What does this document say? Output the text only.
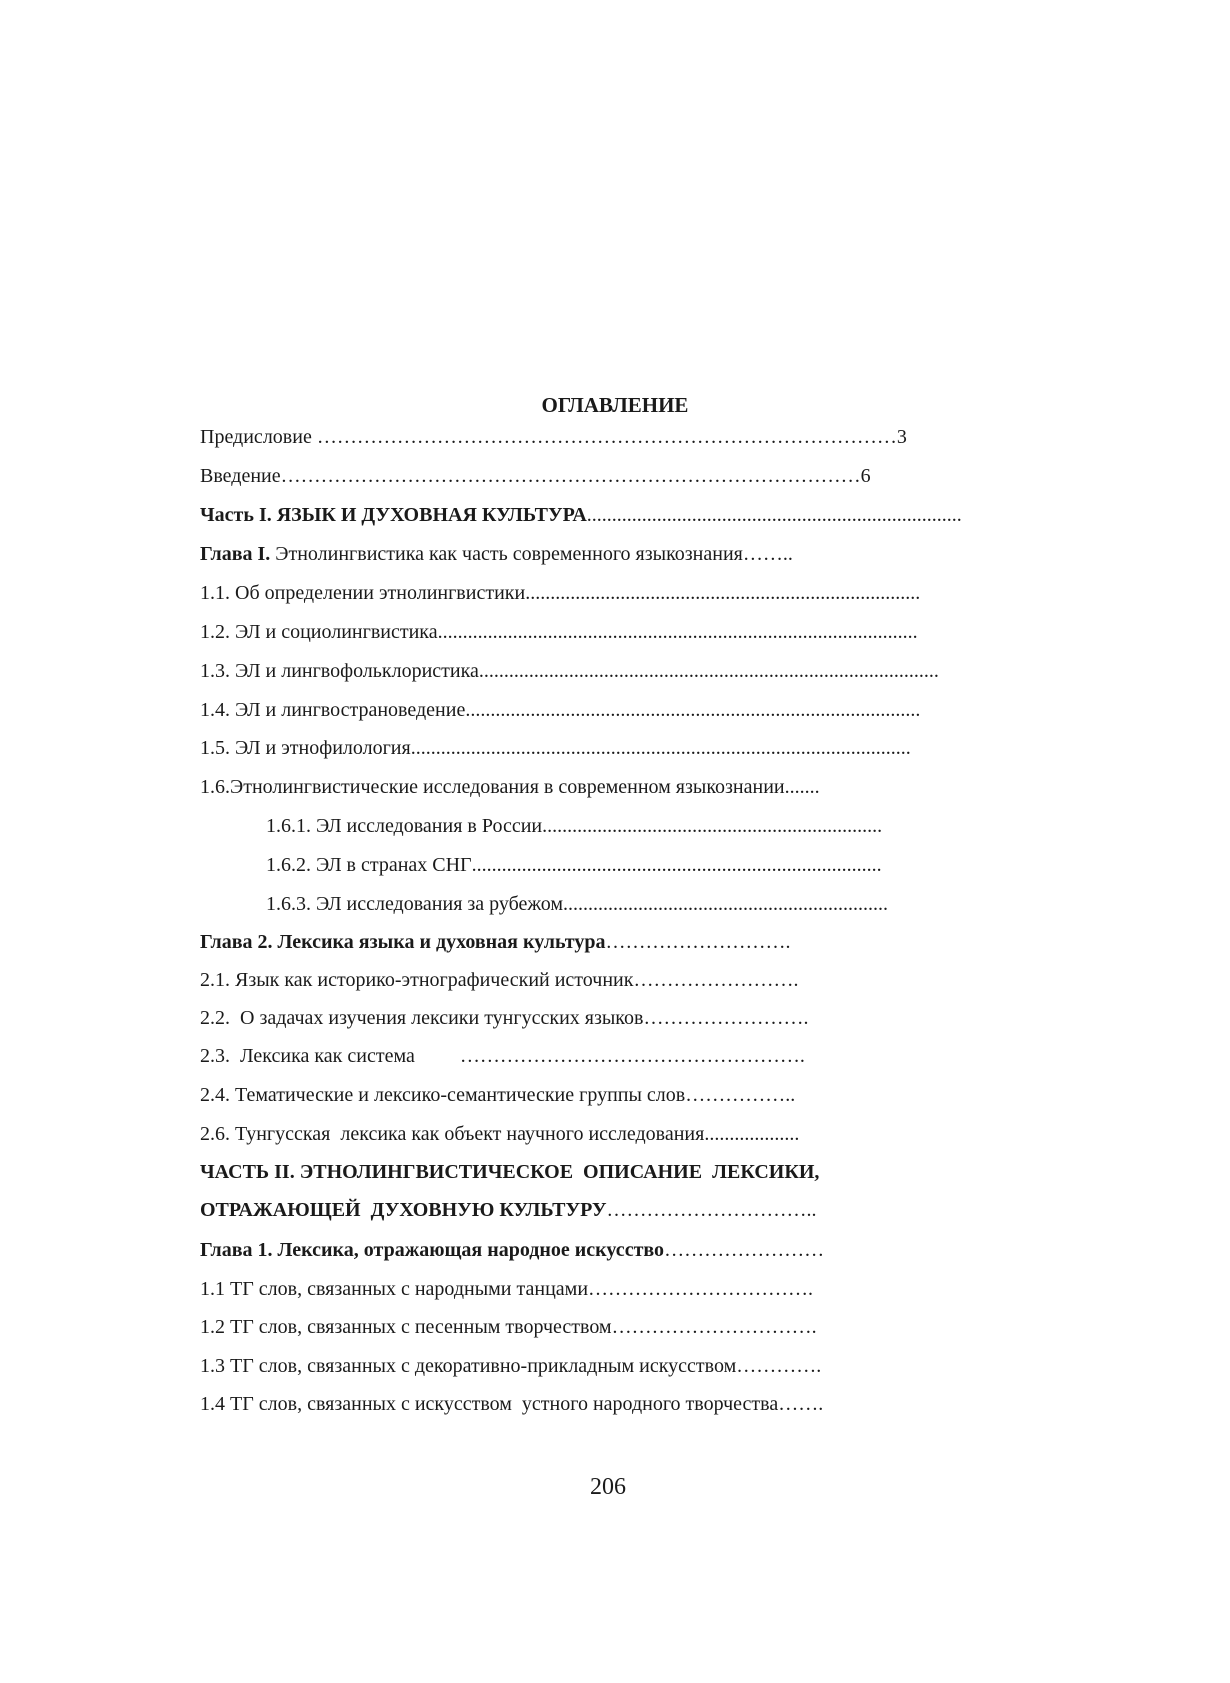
ОГЛАВЛЕНИЕ
Предисловие …………………………………………………………………………… 3
Введение …………………………………………………………………………… 6
Часть I. ЯЗЫК И ДУХОВНАЯ КУЛЬТУРА ...........................................................................
Глава I. Этнолингвистика как часть современного языкознания ……..
1.1. Об определении этнолингвистики ...............................................................................
1.2. ЭЛ и социолингвистика ................................................................................................
1.3. ЭЛ и лингвофольклористика ............................................................................................
1.4. ЭЛ и лингвострановедение ...........................................................................................
1.5. ЭЛ и этнофилология ....................................................................................................
1.6.Этнолингвистические исследования в современном языкознании .......
1.6.1. ЭЛ исследования в России ....................................................................
1.6.2. ЭЛ в странах СНГ ..................................................................................
1.6.3. ЭЛ исследования за рубежом .................................................................
Глава 2. Лексика языка и духовная культура ……………………….
2.1. Язык как историко-этнографический источник …………………….
2.2.  О задачах изучения лексики тунгусских языков …………………….
2.3.  Лексика как система …………………………………………….
2.4. Тематические и лексико-семантические группы слов ……………..
2.6. Тунгусская  лексика как объект научного исследования ...................
ЧАСТЬ II. ЭТНОЛИНГВИСТИЧЕСКОЕ  ОПИСАНИЕ  ЛЕКСИКИ,
ОТРАЖАЮЩЕЙ  ДУХОВНУЮ КУЛЬТУРУ …………………………..
Глава 1. Лексика, отражающая народное искусство ……………………
1.1 ТГ слов, связанных с народными танцами …………………………….
1.2 ТГ слов, связанных с песенным творчеством ………………………….
1.3 ТГ слов, связанных с декоративно-прикладным искусством ………….
1.4 ТГ слов, связанных с искусством  устного народного творчества …….
206
